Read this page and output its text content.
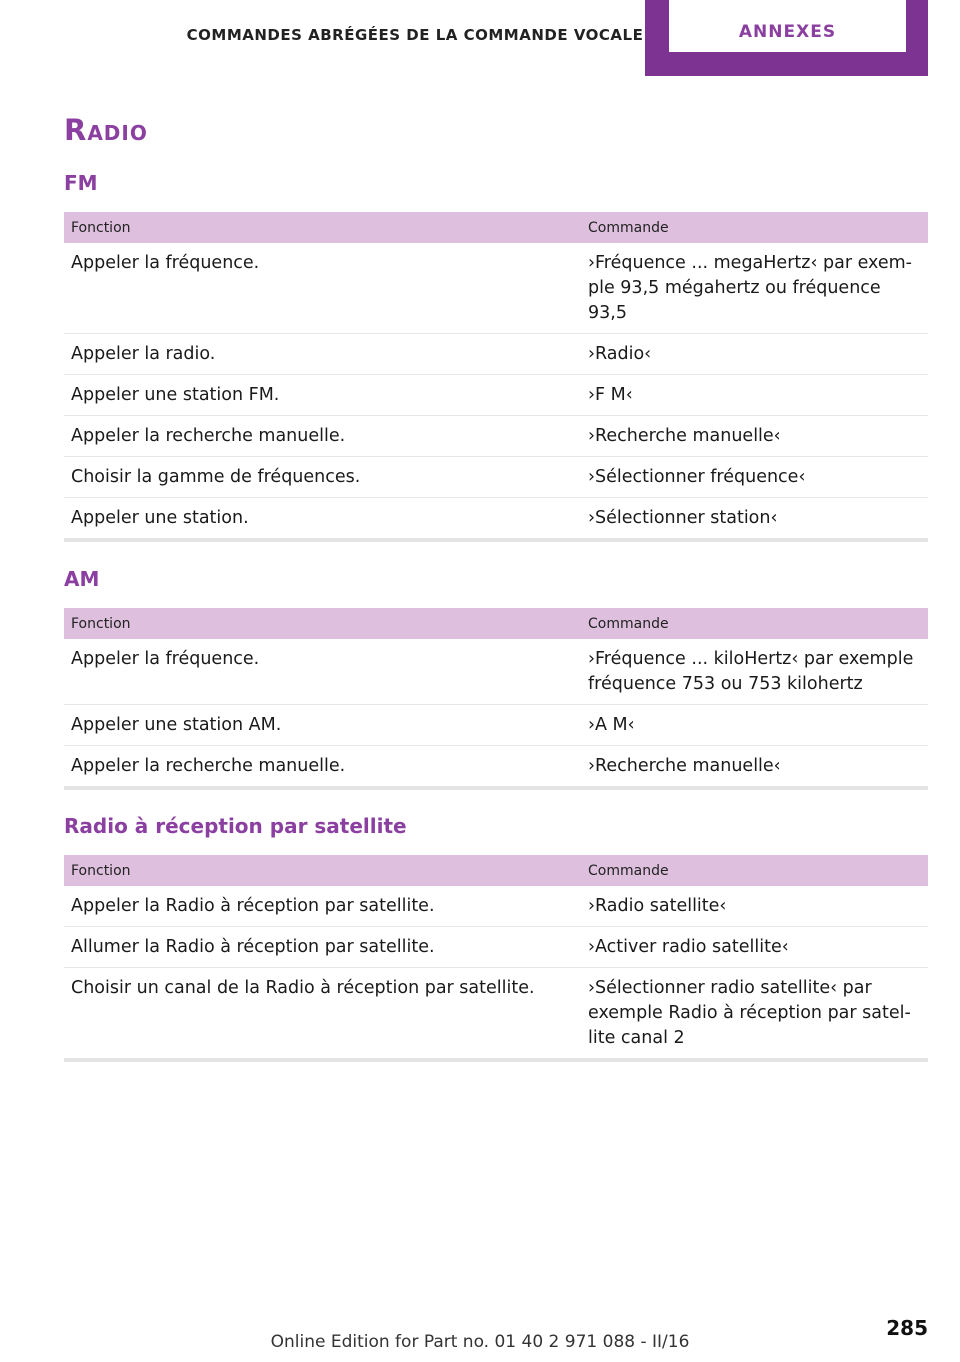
COMMANDES ABRÉGÉES DE LA COMMANDE VOCALE	ANNEXES
Radio
FM
Fonction	Commande
Appeler la fréquence.	›Fréquence ... megaHertz‹ par exem-ple 93,5 mégahertz ou fréquence 93,5
Appeler la radio.	›Radio‹
Appeler une station FM.	›F M‹
Appeler la recherche manuelle.	›Recherche manuelle‹
Choisir la gamme de fréquences.	›Sélectionner fréquence‹
Appeler une station.	›Sélectionner station‹
AM
Fonction	Commande
Appeler la fréquence.	›Fréquence ... kiloHertz‹ par exemple fréquence 753 ou 753 kilohertz
Appeler une station AM.	›A M‹
Appeler la recherche manuelle.	›Recherche manuelle‹
Radio à réception par satellite
Fonction	Commande
Appeler la Radio à réception par satellite.	›Radio satellite‹
Allumer la Radio à réception par satellite.	›Activer radio satellite‹
Choisir un canal de la Radio à réception par satellite.	›Sélectionner radio satellite‹ par exemple Radio à réception par satel-lite canal 2
Online Edition for Part no. 01 40 2 971 088 - II/16
285
